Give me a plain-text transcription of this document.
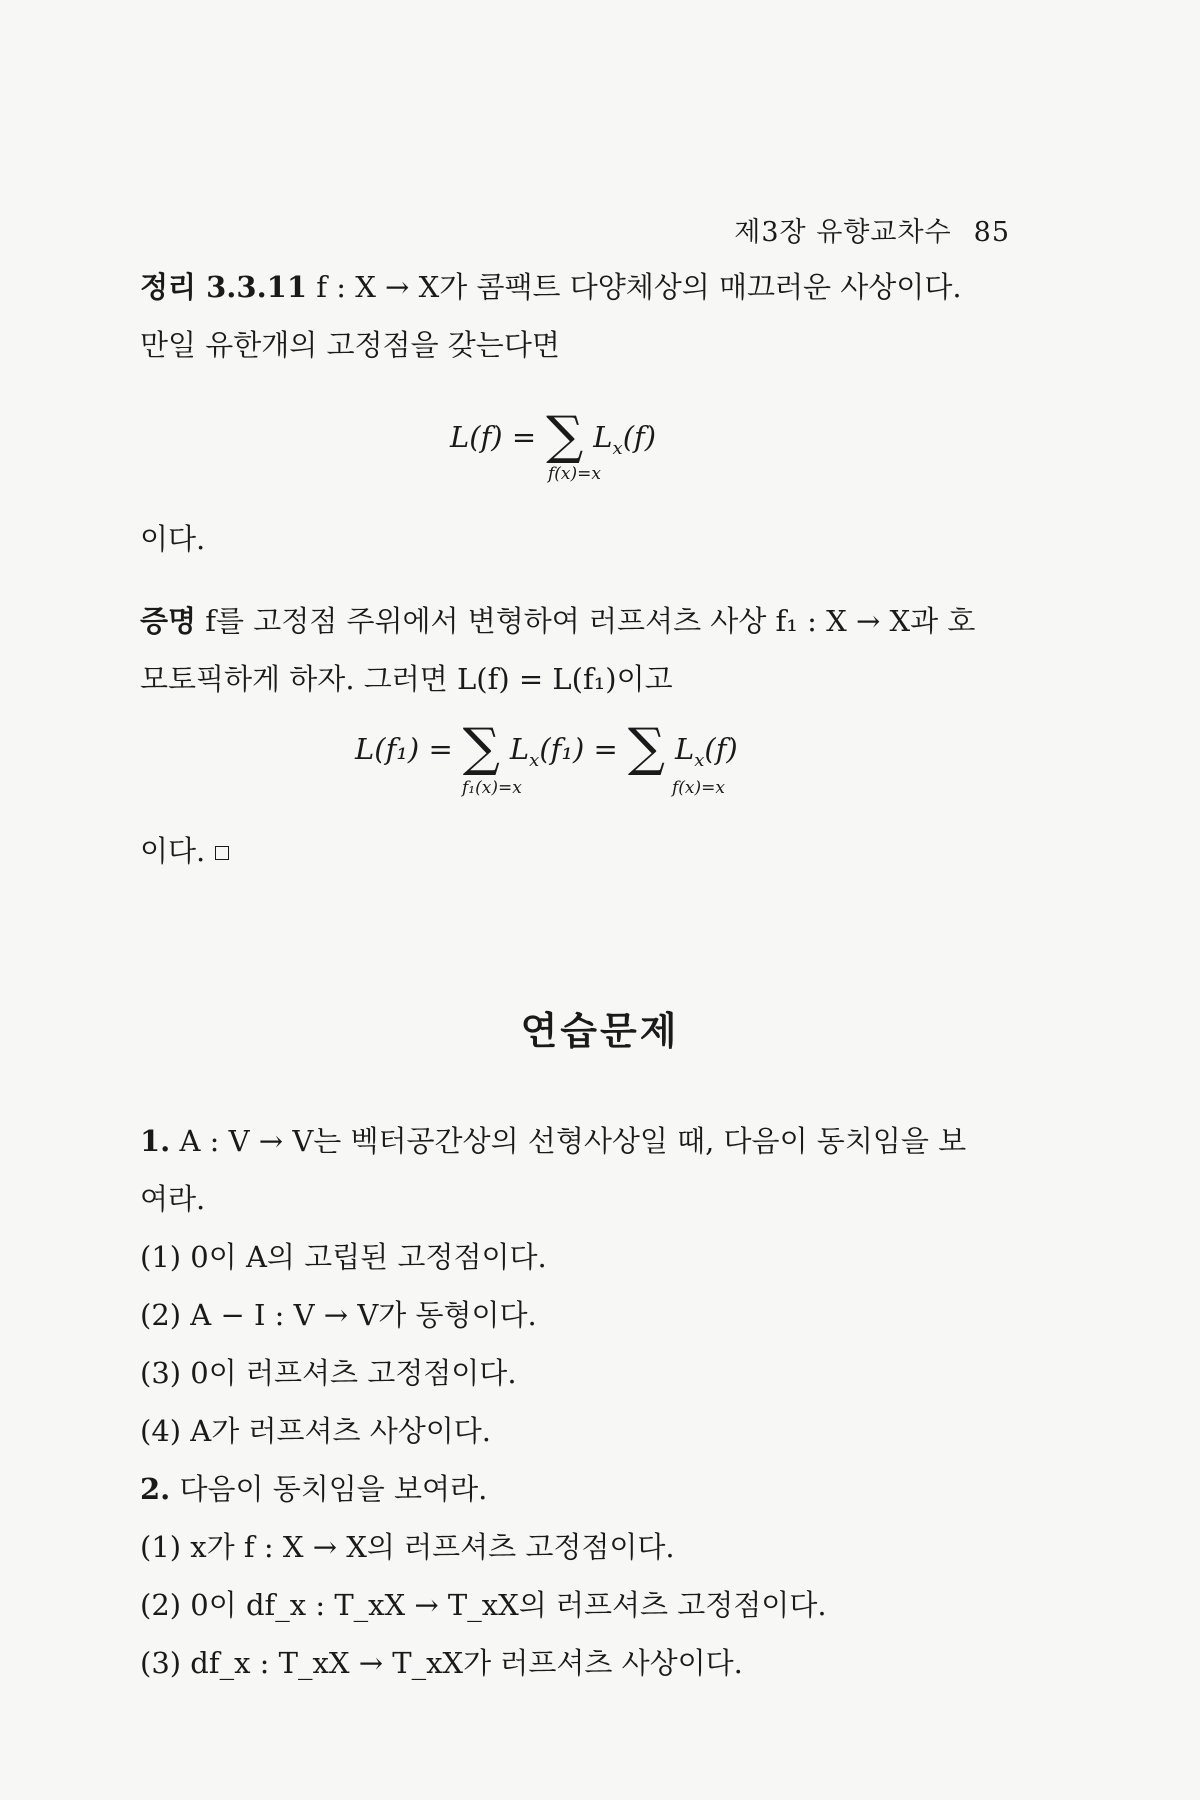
제3장 유향교차수 85
정리 3.3.11 f : X → X가 콤팩트 다양체상의 매끄러운 사상이다.
만일 유한개의 고정점을 갖는다면
L(f) = ∑ $L_x(f)$
f(x)=x
이다.
증명 f를 고정점 주위에서 변형하여 러프셔츠 사상 f₁ : X → X과 호
모토픽하게 하자. 그러면 L(f) = L(f₁)이고
L(f₁) = ∑ $L_x(f_1)$ = ∑ $L_x(f)$
f₁(x)=x	f(x)=x
이다.
연습문제
1. A : V → V는 벡터공간상의 선형사상일 때, 다음이 동치임을 보
여라.
(1) 0이 A의 고립된 고정점이다.
(2) A − I : V → V가 동형이다.
(3) 0이 러프셔츠 고정점이다.
(4) A가 러프셔츠 사상이다.
2. 다음이 동치임을 보여라.
(1) x가 f : X → X의 러프셔츠 고정점이다.
(2) 0이 df_x : T_xX → T_xX의 러프셔츠 고정점이다.
(3) df_x : T_xX → T_xX가 러프셔츠 사상이다.
